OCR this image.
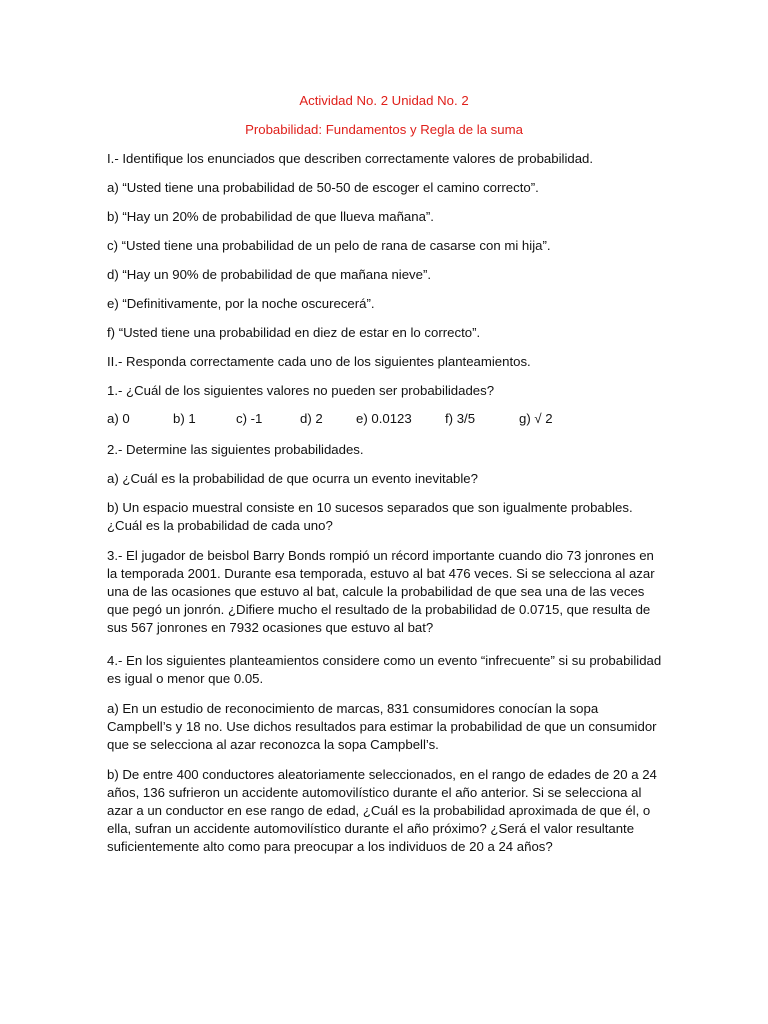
Actividad No. 2 Unidad No. 2
Probabilidad: Fundamentos y Regla de la suma
I.- Identifique los enunciados que describen correctamente valores de probabilidad.
a) “Usted tiene una probabilidad de 50-50 de escoger el camino correcto”.
b) “Hay un 20% de probabilidad de que llueva mañana”.
c) “Usted tiene una probabilidad de un pelo de rana de casarse con mi hija”.
d) “Hay un 90% de probabilidad de que mañana nieve”.
e) “Definitivamente, por la noche oscurecerá”.
f) “Usted tiene una probabilidad en diez de estar en lo correcto”.
II.- Responda correctamente cada uno de los siguientes planteamientos.
1.- ¿Cuál de los siguientes valores no pueden ser probabilidades?
a) 0	b) 1	c) -1	d) 2	e) 0.0123	f) 3/5	g) √ 2
2.- Determine las siguientes probabilidades.
a) ¿Cuál es la probabilidad de que ocurra un evento inevitable?
b) Un espacio muestral consiste en 10 sucesos separados que son igualmente probables. ¿Cuál es la probabilidad de cada uno?
3.- El jugador de beisbol Barry Bonds rompió un récord importante cuando dio 73 jonrones en la temporada 2001. Durante esa temporada, estuvo al bat 476 veces. Si se selecciona al azar una de las ocasiones que estuvo al bat, calcule la probabilidad de que sea una de las veces que pegó un jonrón. ¿Difiere mucho el resultado de la probabilidad de 0.0715, que resulta de sus 567 jonrones en 7932 ocasiones que estuvo al bat?
4.- En los siguientes planteamientos considere como un evento “infrecuente” si su probabilidad es igual o menor que 0.05.
a) En un estudio de reconocimiento de marcas, 831 consumidores conocían la sopa Campbell’s y 18 no. Use dichos resultados para estimar la probabilidad de que un consumidor que se selecciona al azar reconozca la sopa Campbell’s.
b) De entre 400 conductores aleatoriamente seleccionados, en el rango de edades de 20 a 24 años, 136 sufrieron un accidente automovilístico durante el año anterior. Si se selecciona al azar a un conductor en ese rango de edad, ¿Cuál es la probabilidad aproximada de que él, o ella, sufran un accidente automovilístico durante el año próximo? ¿Será el valor resultante suficientemente alto como para preocupar a los individuos de 20 a 24 años?
